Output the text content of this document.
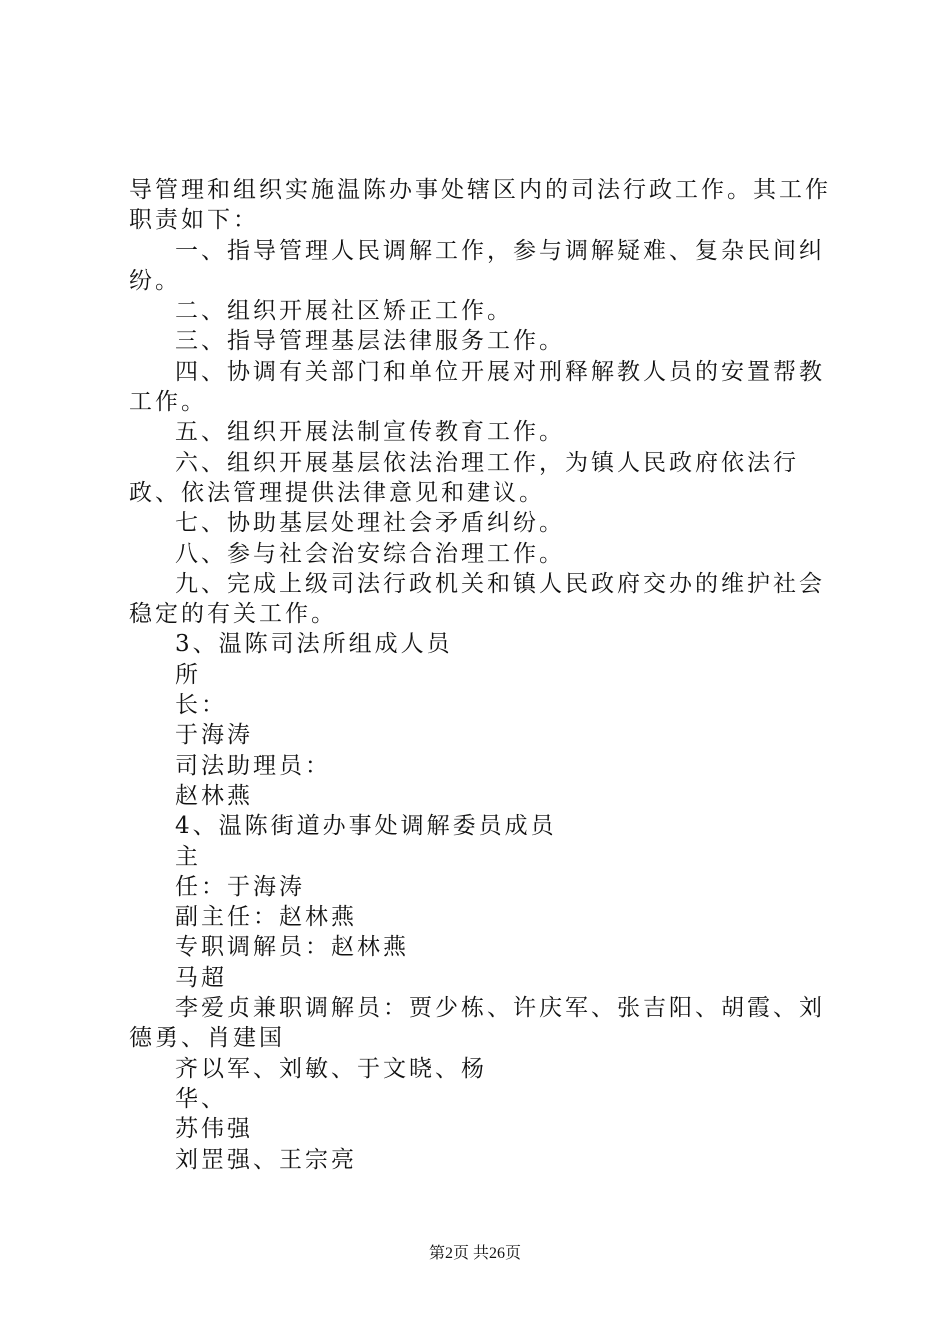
导管理和组织实施温陈办事处辖区内的司法行政工作。其工作职责如下：

一、指导管理人民调解工作，参与调解疑难、复杂民间纠纷。

二、组织开展社区矫正工作。

三、指导管理基层法律服务工作。

四、协调有关部门和单位开展对刑释解教人员的安置帮教工作。

五、组织开展法制宣传教育工作。

六、组织开展基层依法治理工作，为镇人民政府依法行政、依法管理提供法律意见和建议。

七、协助基层处理社会矛盾纠纷。

八、参与社会治安综合治理工作。

九、完成上级司法行政机关和镇人民政府交办的维护社会稳定的有关工作。

3、温陈司法所组成人员

所

长：

于海涛

司法助理员：

赵林燕

4、温陈街道办事处调解委员成员

主

任：于海涛

副主任：赵林燕

专职调解员：赵林燕

马超

李爱贞兼职调解员：贾少栋、许庆军、张吉阳、胡霞、刘德勇、肖建国

齐以军、刘敏、于文晓、杨

华、

苏伟强

刘罡强、王宗亮

第2页 共26页
